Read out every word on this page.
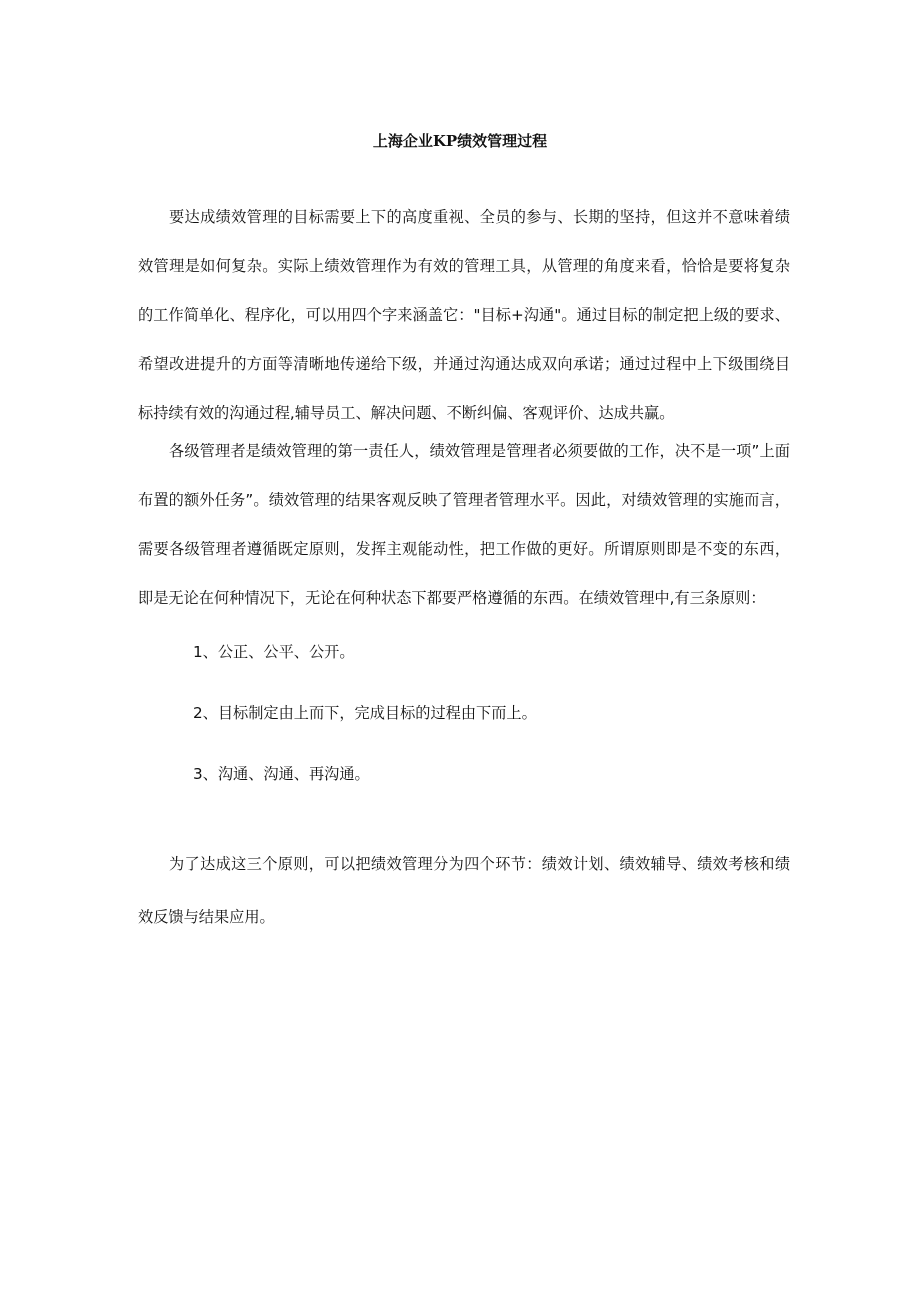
上海企业KP绩效管理过程

要达成绩效管理的目标需要上下的高度重视、全员的参与、长期的坚持，但这并不意味着绩效管理是如何复杂。实际上绩效管理作为有效的管理工具，从管理的角度来看，恰恰是要将复杂的工作简单化、程序化，可以用四个字来涵盖它："目标+沟通"。通过目标的制定把上级的要求、希望改进提升的方面等清晰地传递给下级，并通过沟通达成双向承诺；通过过程中上下级围绕目标持续有效的沟通过程,辅导员工、解决问题、不断纠偏、客观评价、达成共赢。

各级管理者是绩效管理的第一责任人，绩效管理是管理者必须要做的工作，决不是一项”上面布置的额外任务”。绩效管理的结果客观反映了管理者管理水平。因此，对绩效管理的实施而言，需要各级管理者遵循既定原则，发挥主观能动性，把工作做的更好。所谓原则即是不变的东西，即是无论在何种情况下，无论在何种状态下都要严格遵循的东西。在绩效管理中,有三条原则：

1、公正、公平、公开。

2、目标制定由上而下，完成目标的过程由下而上。

3、沟通、沟通、再沟通。

为了达成这三个原则，可以把绩效管理分为四个环节：绩效计划、绩效辅导、绩效考核和绩效反馈与结果应用。
